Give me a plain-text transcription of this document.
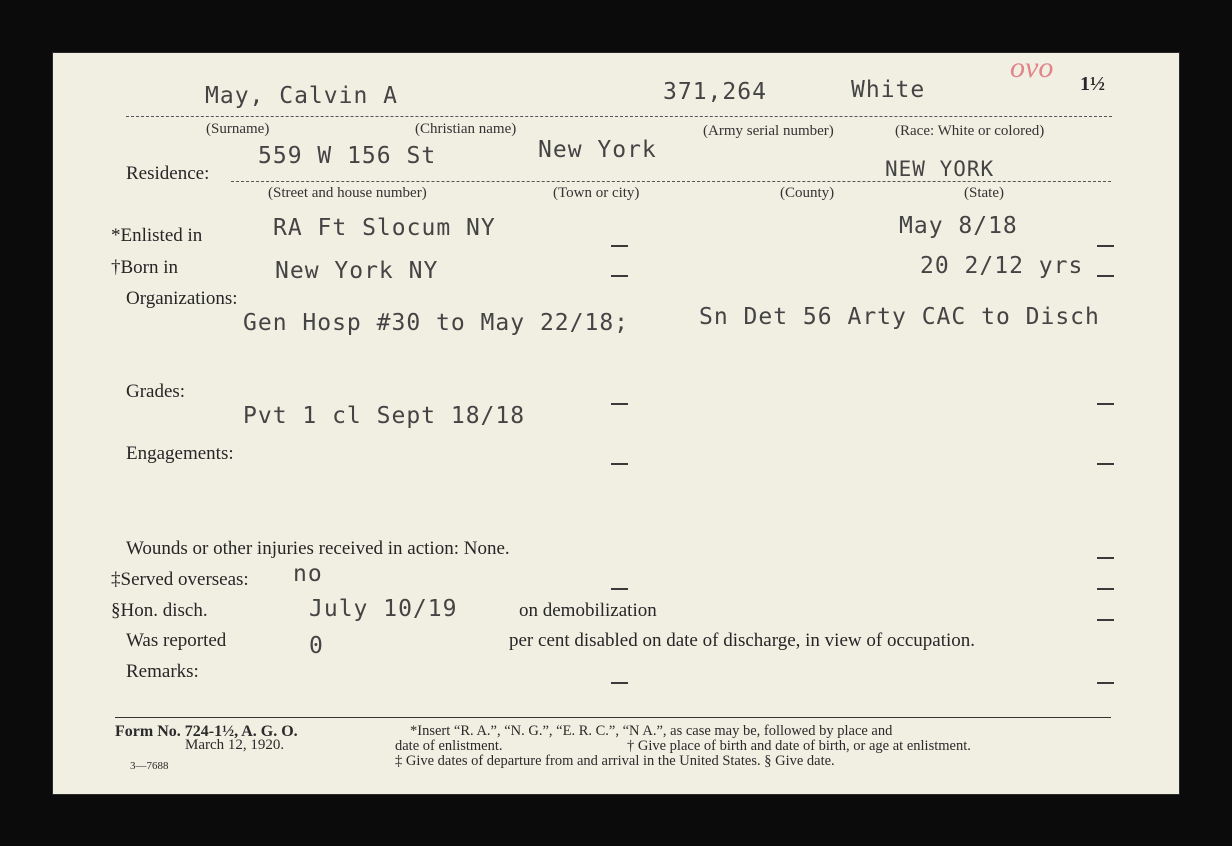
ovo 1½
May, Calvin A	371,264	White
(Surname)	(Christian name)	(Army serial number)	(Race: White or colored)
559 W 156 St	New York
NEW YORK
Residence:
(Street and house number)	(Town or city)	(County)	(State)
*Enlisted in	RA Ft Slocum NY	May 8/18
†Born in	New York NY	20 2/12 yrs
Organizations:
Gen Hosp #30 to May 22/18;	Sn Det 56 Arty CAC to Disch
Grades:
Pvt 1 cl Sept 18/18
Engagements:
Wounds or other injuries received in action: None.
‡Served overseas: no
§Hon. disch.	July 10/19	on demobilization
Was reported	0	per cent disabled on date of discharge, in view of occupation.
Remarks:
Form No. 724-1½, A. G. O.
March 12, 1920.
3—7688
*Insert “R. A.”, “N. G.”, “E. R. C.”, “N A.”, as case may be, followed by place and
date of enlistment.	† Give place of birth and date of birth, or age at enlistment.
‡ Give dates of departure from and arrival in the United States. § Give date.
